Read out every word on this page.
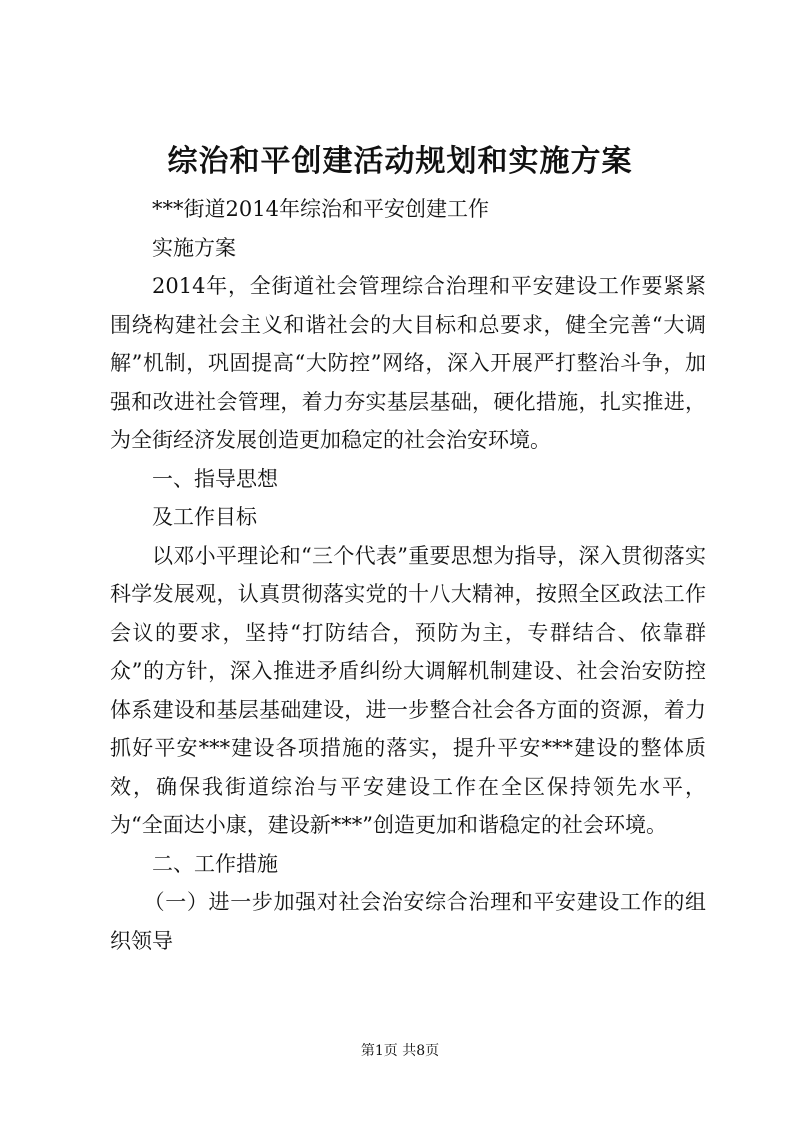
综治和平创建活动规划和实施方案

***街道2014年综治和平安创建工作

实施方案

2014年，全街道社会管理综合治理和平安建设工作要紧紧围绕构建社会主义和谐社会的大目标和总要求，健全完善“大调解”机制，巩固提高“大防控”网络，深入开展严打整治斗争，加强和改进社会管理，着力夯实基层基础，硬化措施，扎实推进，为全街经济发展创造更加稳定的社会治安环境。

一、指导思想

及工作目标

以邓小平理论和“三个代表”重要思想为指导，深入贯彻落实科学发展观，认真贯彻落实党的十八大精神，按照全区政法工作会议的要求，坚持“打防结合，预防为主，专群结合、依靠群众”的方针，深入推进矛盾纠纷大调解机制建设、社会治安防控体系建设和基层基础建设，进一步整合社会各方面的资源，着力抓好平安***建设各项措施的落实，提升平安***建设的整体质效，确保我街道综治与平安建设工作在全区保持领先水平，为“全面达小康，建设新***”创造更加和谐稳定的社会环境。

二、工作措施

（一）进一步加强对社会治安综合治理和平安建设工作的组织领导

第1页 共8页
